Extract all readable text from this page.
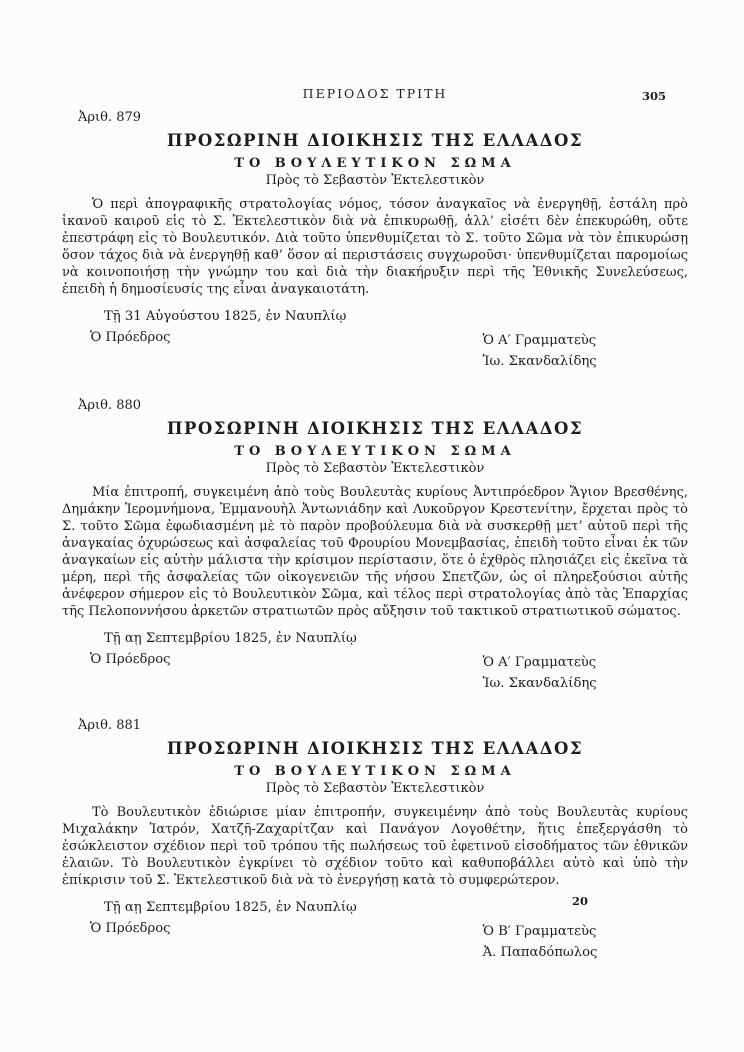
ΠΕΡΙΟΔΟΣ ΤΡΙΤΗ	305
Ἀριθ. 879
ΠΡΟΣΩΡΙΝΗ ΔΙΟΙΚΗΣΙΣ ΤΗΣ ΕΛΛΑΔΟΣ
ΤΟ ΒΟΥΛΕΥΤΙΚΟΝ ΣΩΜΑ
Πρὸς τὸ Σεβαστὸν Ἐκτελεστικὸν

Ὁ περὶ ἀπογραφικῆς στρατολογίας νόμος, τόσον ἀναγκαῖος νὰ ἐνεργηθῇ, ἐστάλη πρὸ ἱκανοῦ καιροῦ εἰς τὸ Σ. Ἐκτελεστικὸν διὰ νὰ ἐπικυρωθῇ, ἀλλ’ εἰσέτι δὲν ἐπεκυρώθη, οὔτε ἐπεστράφη εἰς τὸ Βουλευτικόν. Διὰ τοῦτο ὑπενθυμίζεται τὸ Σ. τοῦτο Σῶμα νὰ τὸν ἐπικυρώσῃ ὅσον τάχος διὰ νὰ ἐνεργηθῇ καθ’ ὅσον αἱ περιστάσεις συγχωροῦσι· ὑπενθυμίζεται παρομοίως νὰ κοινοποιήσῃ τὴν γνώμην του καὶ διὰ τὴν διακήρυξιν περὶ τῆς Ἐθνικῆς Συνελεύσεως, ἐπειδὴ ἡ δημοσίευσίς της εἶναι ἀναγκαιοτάτη.

Τῇ 31 Αὐγούστου 1825, ἐν Ναυπλίῳ
Ὁ Πρόεδρος	Ὁ Α′ Γραμματεὺς
Ἰω. Σκανδαλίδης
Ἀριθ. 880
ΠΡΟΣΩΡΙΝΗ ΔΙΟΙΚΗΣΙΣ ΤΗΣ ΕΛΛΑΔΟΣ
ΤΟ ΒΟΥΛΕΥΤΙΚΟΝ ΣΩΜΑ
Πρὸς τὸ Σεβαστὸν Ἐκτελεστικὸν

Μία ἐπιτροπή, συγκειμένη ἀπὸ τοὺς Βουλευτὰς κυρίους Ἀντιπρόεδρον Ἅγιον Βρεσθένης, Δημάκην Ἱερομνήμονα, Ἐμμανουὴλ Ἀντωνιάδην καὶ Λυκοῦργον Κρεστενίτην, ἔρχεται πρὸς τὸ Σ. τοῦτο Σῶμα ἐφωδιασμένη μὲ τὸ παρὸν προβούλευμα διὰ νὰ συσκερθῇ μετ’ αὐτοῦ περὶ τῆς ἀναγκαίας ὀχυρώσεως καὶ ἀσφαλείας τοῦ Φρουρίου Μονεμβασίας, ἐπειδὴ τοῦτο εἶναι ἐκ τῶν ἀναγκαίων εἰς αὐτὴν μάλιστα τὴν κρίσιμον περίστασιν, ὅτε ὁ ἐχθρὸς πλησιάζει εἰς ἐκεῖνα τὰ μέρη, περὶ τῆς ἀσφαλείας τῶν οἰκογενειῶν τῆς νήσου Σπετζῶν, ὡς οἱ πληρεξούσιοι αὐτῆς ἀνέφερον σήμερον εἰς τὸ Βουλευτικὸν Σῶμα, καὶ τέλος περὶ στρατολογίας ἀπὸ τὰς Ἐπαρχίας τῆς Πελοποννήσου ἀρκετῶν στρατιωτῶν πρὸς αὔξησιν τοῦ τακτικοῦ στρατιωτικοῦ σώματος.

Τῇ αῃ Σεπτεμβρίου 1825, ἐν Ναυπλίῳ
Ὁ Πρόεδρος	Ὁ Α′ Γραμματεὺς
Ἰω. Σκανδαλίδης
Ἀριθ. 881
ΠΡΟΣΩΡΙΝΗ ΔΙΟΙΚΗΣΙΣ ΤΗΣ ΕΛΛΑΔΟΣ
ΤΟ ΒΟΥΛΕΥΤΙΚΟΝ ΣΩΜΑ
Πρὸς τὸ Σεβαστὸν Ἐκτελεστικὸν

Τὸ Βουλευτικὸν ἐδιώρισε μίαν ἐπιτροπήν, συγκειμένην ἀπὸ τοὺς Βουλευτὰς κυρίους Μιχαλάκην Ἰατρόν, Χατζῆ-Ζαχαρίτζαν καὶ Πανάγον Λογοθέτην, ἥτις ἐπεξεργάσθη τὸ ἐσώκλειστον σχέδιον περὶ τοῦ τρόπου τῆς πωλήσεως τοῦ ἐφετινοῦ εἰσοδήματος τῶν ἐθνικῶν ἐλαιῶν. Τὸ Βουλευτικὸν ἐγκρίνει τὸ σχέδιον τοῦτο καὶ καθυποβάλλει αὐτὸ καὶ ὑπὸ τὴν ἐπίκρισιν τοῦ Σ. Ἐκτελεστικοῦ διὰ νὰ τὸ ἐνεργήσῃ κατὰ τὸ συμφερώτερον.

Τῇ αῃ Σεπτεμβρίου 1825, ἐν Ναυπλίῳ
Ὁ Πρόεδρος	Ὁ Β′ Γραμματεὺς
Ἀ. Παπαδόπωλος
20
